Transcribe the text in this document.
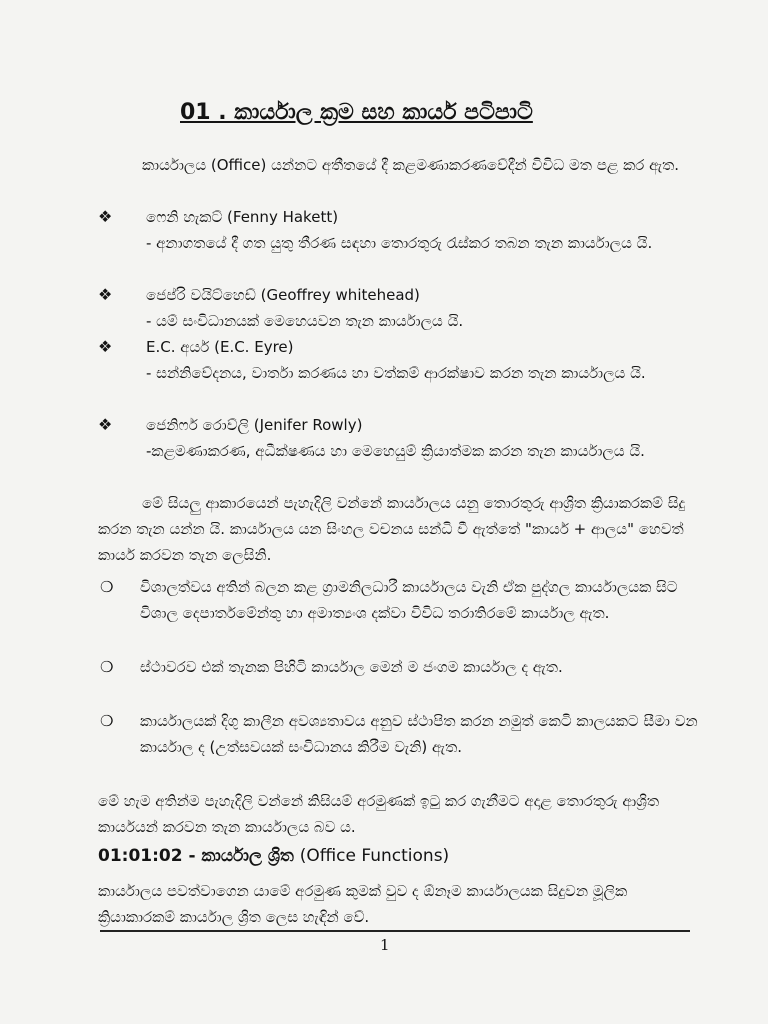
01 . කාර්යාල ක්‍රම සහ කාර්ය පටිපාටි
කාර්යාලය (Office) යන්නට අතීතයේ දී කළමණාකරණවේදීන් විවිධ මත පළ කර ඇත.
❖	ෆෙනි හැකට් (Fenny Hakett)
- අනාගතයේ දී ගත යුතු තීරණ සඳහා තොරතුරු රැස්කර තබන තැන කාර්යාලය යි.
❖	ජෙප්රි වයිට්හෙඩ් (Geoffrey whitehead)
- යම් සංවිධානයක් මෙහෙයවන තැන කාර්යාලය යි.
❖	E.C. අයර් (E.C. Eyre)
- සන්නිවේදනය, වාර්තා කරණය හා වත්කම් ආරක්ෂාව කරන තැන කාර්යාලය යි.
❖	ජෙනිෆර් රොව්ලි (Jenifer Rowly)
-කළමණාකරණ, අධීක්ෂණය හා මෙහෙයුම් ක්‍රියාත්මක කරන තැන කාර්යාලය යි.
මේ සියලු ආකාරයෙන් පැහැදිලි වන්නේ කාර්යාලය යනු තොරතුරු ආශ්‍රිත ක්‍රියාකරකම් සිදු කරන තැන යන්න යි. කාර්යාලය යන සිංහල වචනය සන්ධි වී ඇත්තේ "කාර්ය + ආලය" හෙවත් කාර්ය කරවන තැන ලෙසිනි.
❍	විශාලත්වය අතින් බලන කළ ග්‍රාමනිලධාරී කාර්යාලය වැනි ඒක පුද්ගල කාර්යාලයක සිට විශාල දෙපාර්තමේන්තු හා අමාත්‍යංශ දක්වා විවිධ තරාතිරමේ කාර්යාල ඇත.
❍	ස්ථාවරව එක් තැනක පිහිටි කාර්යාල මෙන් ම ජංගම කාර්යාල ද ඇත.
❍	කාර්යාලයක් දිගු කාලීන අවශ්‍යතාවය අනුව ස්ථාපිත කරන නමුත් කෙටි කාලයකට සීමා වන කාර්යාල ද (උත්සවයක් සංවිධානය කිරීම වැනි) ඇත.
මේ හැම අතින්ම පැහැදිලි වන්නේ කිසියම් අරමුණක් ඉටු කර ගැනීමට අදාළ තොරතුරු ආශ්‍රිත කාර්යයන් කරවන තැන කාර්යාලය බව ය.
01:01:02 - කාර්යාල ශ්‍රිත (Office Functions)
කාර්යාලය පවත්වාගෙන යාමේ අරමුණ කුමක් වුව ද ඕනෑම කාර්යාලයක සිදුවන මූලික ක්‍රියාකාරකම් කාර්යාල ශ්‍රිත ලෙස හැඳින් වේ.
1
